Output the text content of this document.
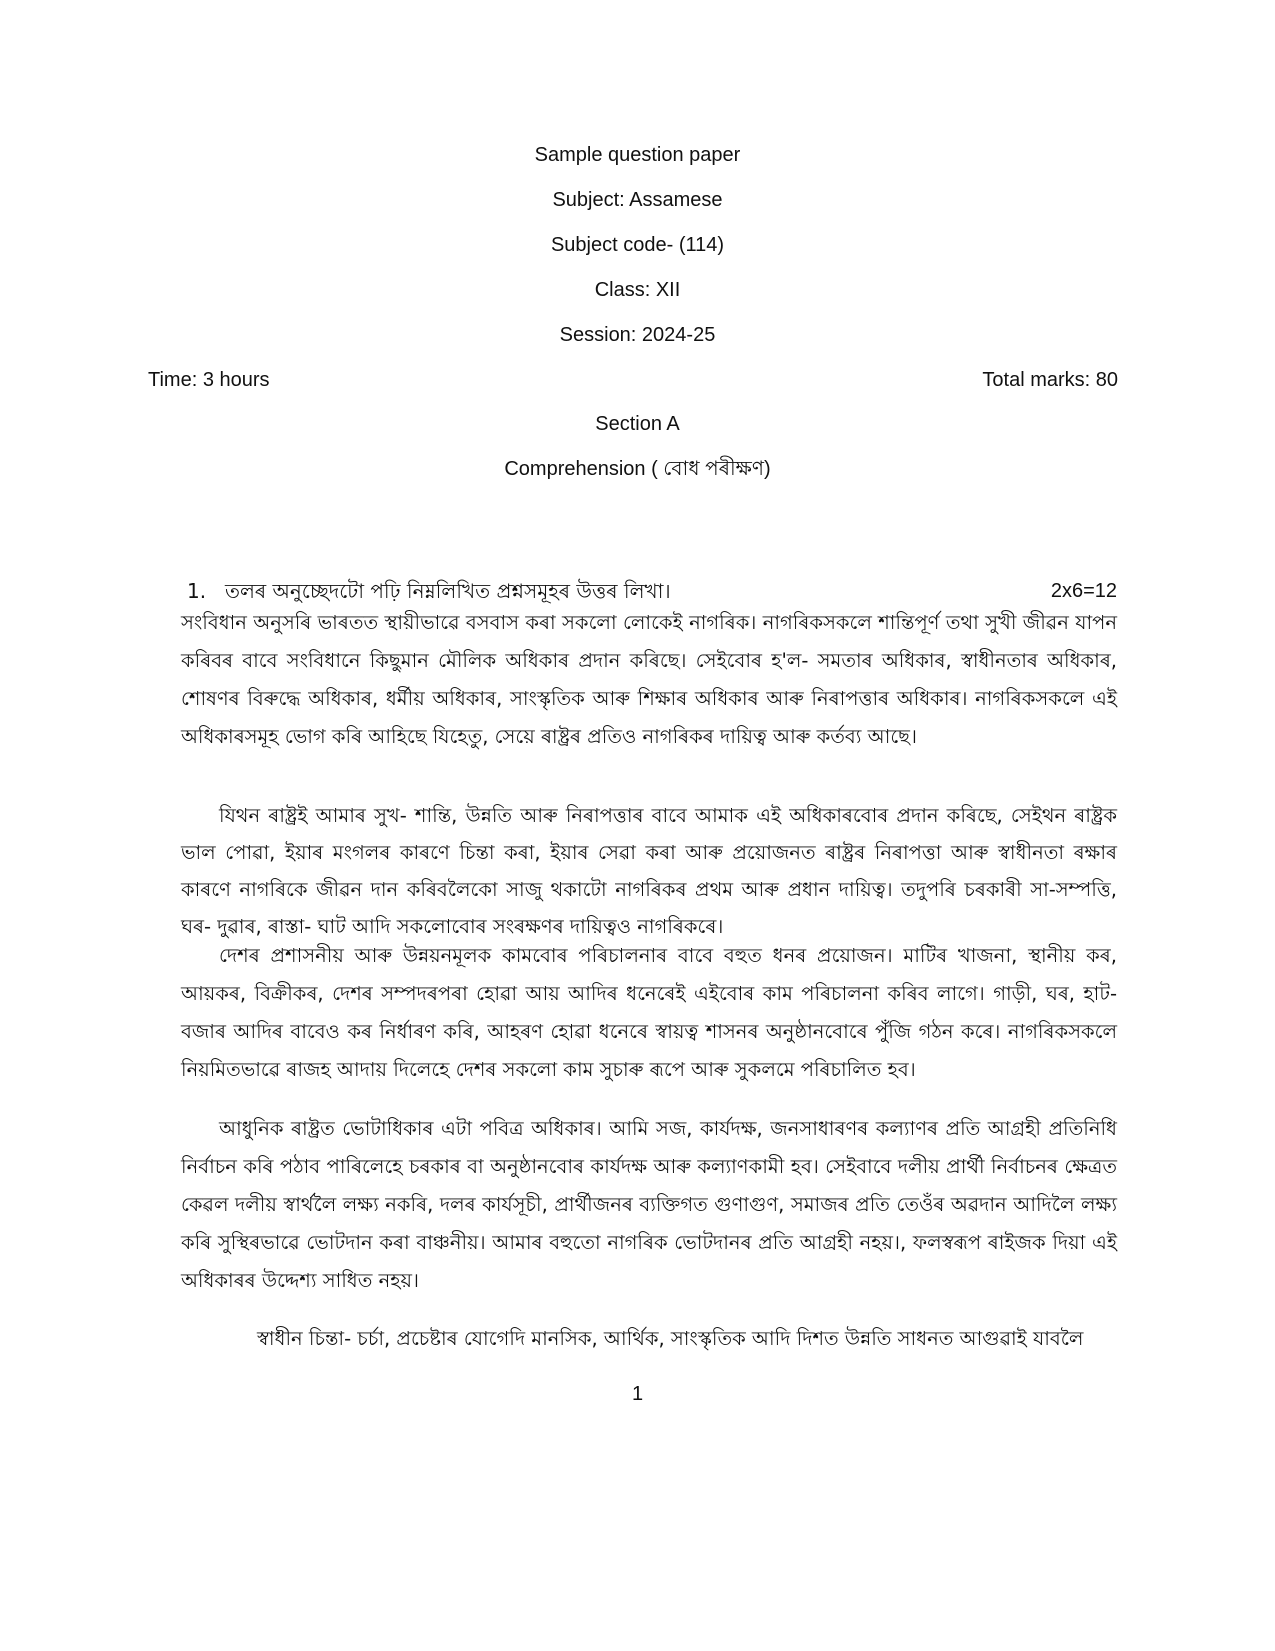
Sample question paper
Subject: Assamese
Subject code- (114)
Class: XII
Session: 2024-25
Time: 3 hours	Total marks: 80
Section A
Comprehension ( বোধ পৰীক্ষণ)
1. তলৰ অনুচ্ছেদটো পঢ়ি নিম্নলিখিত প্ৰশ্নসমূহৰ উত্তৰ লিখা।	2x6=12

সংবিধান অনুসৰি ভাৰতত স্থায়ীভাৱে বসবাস কৰা সকলো লোকেই নাগৰিক। নাগৰিকসকলে শান্তিপূৰ্ণ তথা সুখী জীৱন যাপন কৰিবৰ বাবে সংবিধানে কিছুমান মৌলিক অধিকাৰ প্ৰদান কৰিছে। সেইবোৰ হ'ল- সমতাৰ অধিকাৰ, স্বাধীনতাৰ অধিকাৰ, শোষণৰ বিৰুদ্ধে অধিকাৰ, ধৰ্মীয় অধিকাৰ, সাংস্কৃতিক আৰু শিক্ষাৰ অধিকাৰ আৰু নিৰাপত্তাৰ অধিকাৰ। নাগৰিকসকলে এই অধিকাৰসমূহ ভোগ কৰি আহিছে যিহেতু, সেয়ে ৰাষ্ট্ৰৰ প্ৰতিও নাগৰিকৰ দায়িত্ব আৰু কৰ্তব্য আছে।

যিথন ৰাষ্ট্ৰই আমাৰ সুখ- শান্তি, উন্নতি আৰু নিৰাপত্তাৰ বাবে আমাক এই অধিকাৰবোৰ প্ৰদান কৰিছে, সেইথন ৰাষ্ট্ৰক ভাল পোৱা, ইয়াৰ মংগলৰ কাৰণে চিন্তা কৰা, ইয়াৰ সেৱা কৰা আৰু প্ৰয়োজনত ৰাষ্ট্ৰৰ নিৰাপত্তা আৰু স্বাধীনতা ৰক্ষাৰ কাৰণে নাগৰিকে জীৱন দান কৰিবলৈকো সাজু থকাটো নাগৰিকৰ প্ৰথম আৰু প্ৰধান দায়িত্ব। তদুপৰি চৰকাৰী সা-সম্পত্তি, ঘৰ- দুৱাৰ, ৰাস্তা- ঘাট আদি সকলোবোৰ সংৰক্ষণৰ দায়িত্বও নাগৰিকৰে।

দেশৰ প্ৰশাসনীয় আৰু উন্নয়নমূলক কামবোৰ পৰিচালনাৰ বাবে বহুত ধনৰ প্ৰয়োজন। মাটিৰ খাজনা, স্থানীয় কৰ, আয়কৰ, বিক্ৰীকৰ, দেশৰ সম্পদৰপৰা হোৱা আয় আদিৰ ধনেৰেই এইবোৰ কাম পৰিচালনা কৰিব লাগে। গাড়ী, ঘৰ, হাট- বজাৰ আদিৰ বাবেও কৰ নিৰ্ধাৰণ কৰি, আহৰণ হোৱা ধনেৰে স্বায়ত্ব শাসনৰ অনুষ্ঠানবোৰে পুঁজি গঠন কৰে। নাগৰিকসকলে নিয়মিতভাৱে ৰাজহ আদায় দিলেহে দেশৰ সকলো কাম সুচাৰু ৰূপে আৰু সুকলমে পৰিচালিত হব।

আধুনিক ৰাষ্ট্ৰত ভোটাধিকাৰ এটা পবিত্ৰ অধিকাৰ। আমি সজ, কাৰ্যদক্ষ, জনসাধাৰণৰ কল্যাণৰ প্ৰতি আগ্ৰহী প্ৰতিনিধি নিৰ্বাচন কৰি পঠাব পাৰিলেহে চৰকাৰ বা অনুষ্ঠানবোৰ কাৰ্যদক্ষ আৰু কল্যাণকামী হব। সেইবাবে দলীয় প্ৰাৰ্থী নিৰ্বাচনৰ ক্ষেত্ৰত কেৱল দলীয় স্বাৰ্থলৈ লক্ষ্য নকৰি, দলৰ কাৰ্যসূচী, প্ৰাৰ্থীজনৰ ব্যক্তিগত গুণাগুণ, সমাজৰ প্ৰতি তেওঁৰ অৱদান আদিলৈ লক্ষ্য কৰি সুস্থিৰভাৱে ভোটদান কৰা বাঞ্চনীয়। আমাৰ বহুতো নাগৰিক ভোটদানৰ প্ৰতি আগ্ৰহী নহয়।, ফলস্বৰূপ ৰাইজক দিয়া এই অধিকাৰৰ উদ্দেশ্য সাধিত নহয়।

স্বাধীন চিন্তা- চৰ্চা, প্ৰচেষ্টাৰ যোগেদি মানসিক, আৰ্থিক, সাংস্কৃতিক আদি দিশত উন্নতি সাধনত আগুৱাই যাবলৈ

1
